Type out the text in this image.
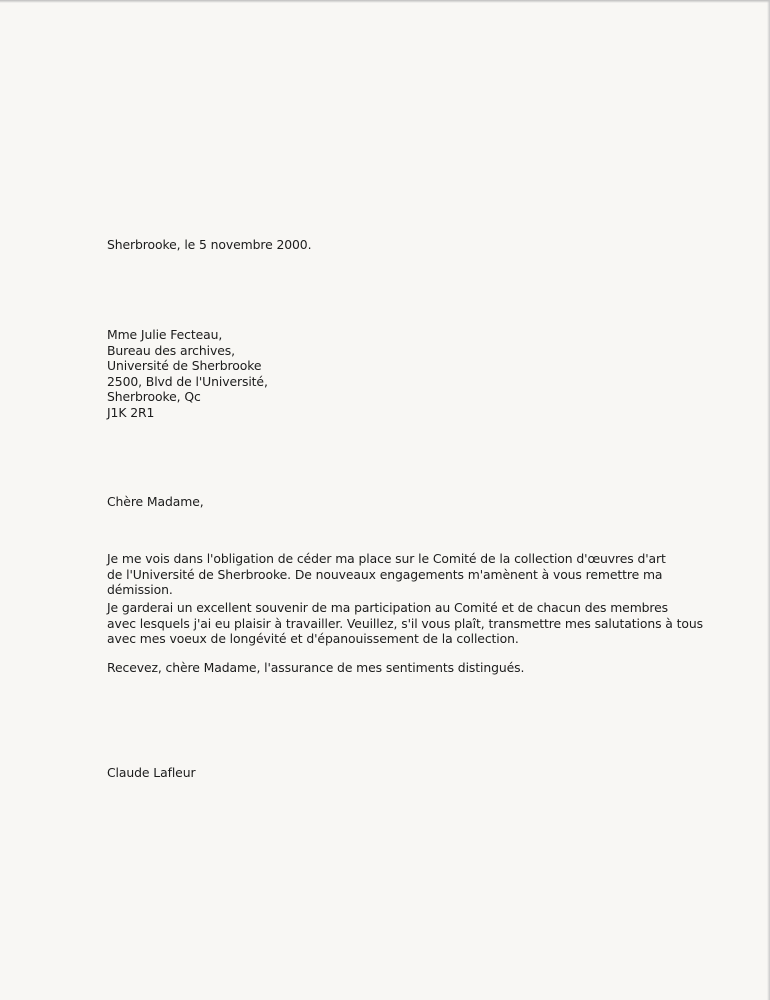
Sherbrooke, le 5 novembre 2000.
Mme Julie Fecteau,
Bureau des archives,
Université de Sherbrooke
2500, Blvd de l'Université,
Sherbrooke, Qc
J1K 2R1
Chère Madame,
Je me vois dans l'obligation de céder ma place sur le Comité de la collection d'œuvres d'art
de l'Université de Sherbrooke. De nouveaux engagements m'amènent à vous remettre ma
démission.
Je garderai un excellent souvenir de ma participation au Comité et de chacun des membres
avec lesquels j'ai eu plaisir à travailler. Veuillez, s'il vous plaît, transmettre mes salutations à tous
avec mes voeux de longévité et d'épanouissement de la collection.
Recevez, chère Madame, l'assurance de mes sentiments distingués.
Claude Lafleur
